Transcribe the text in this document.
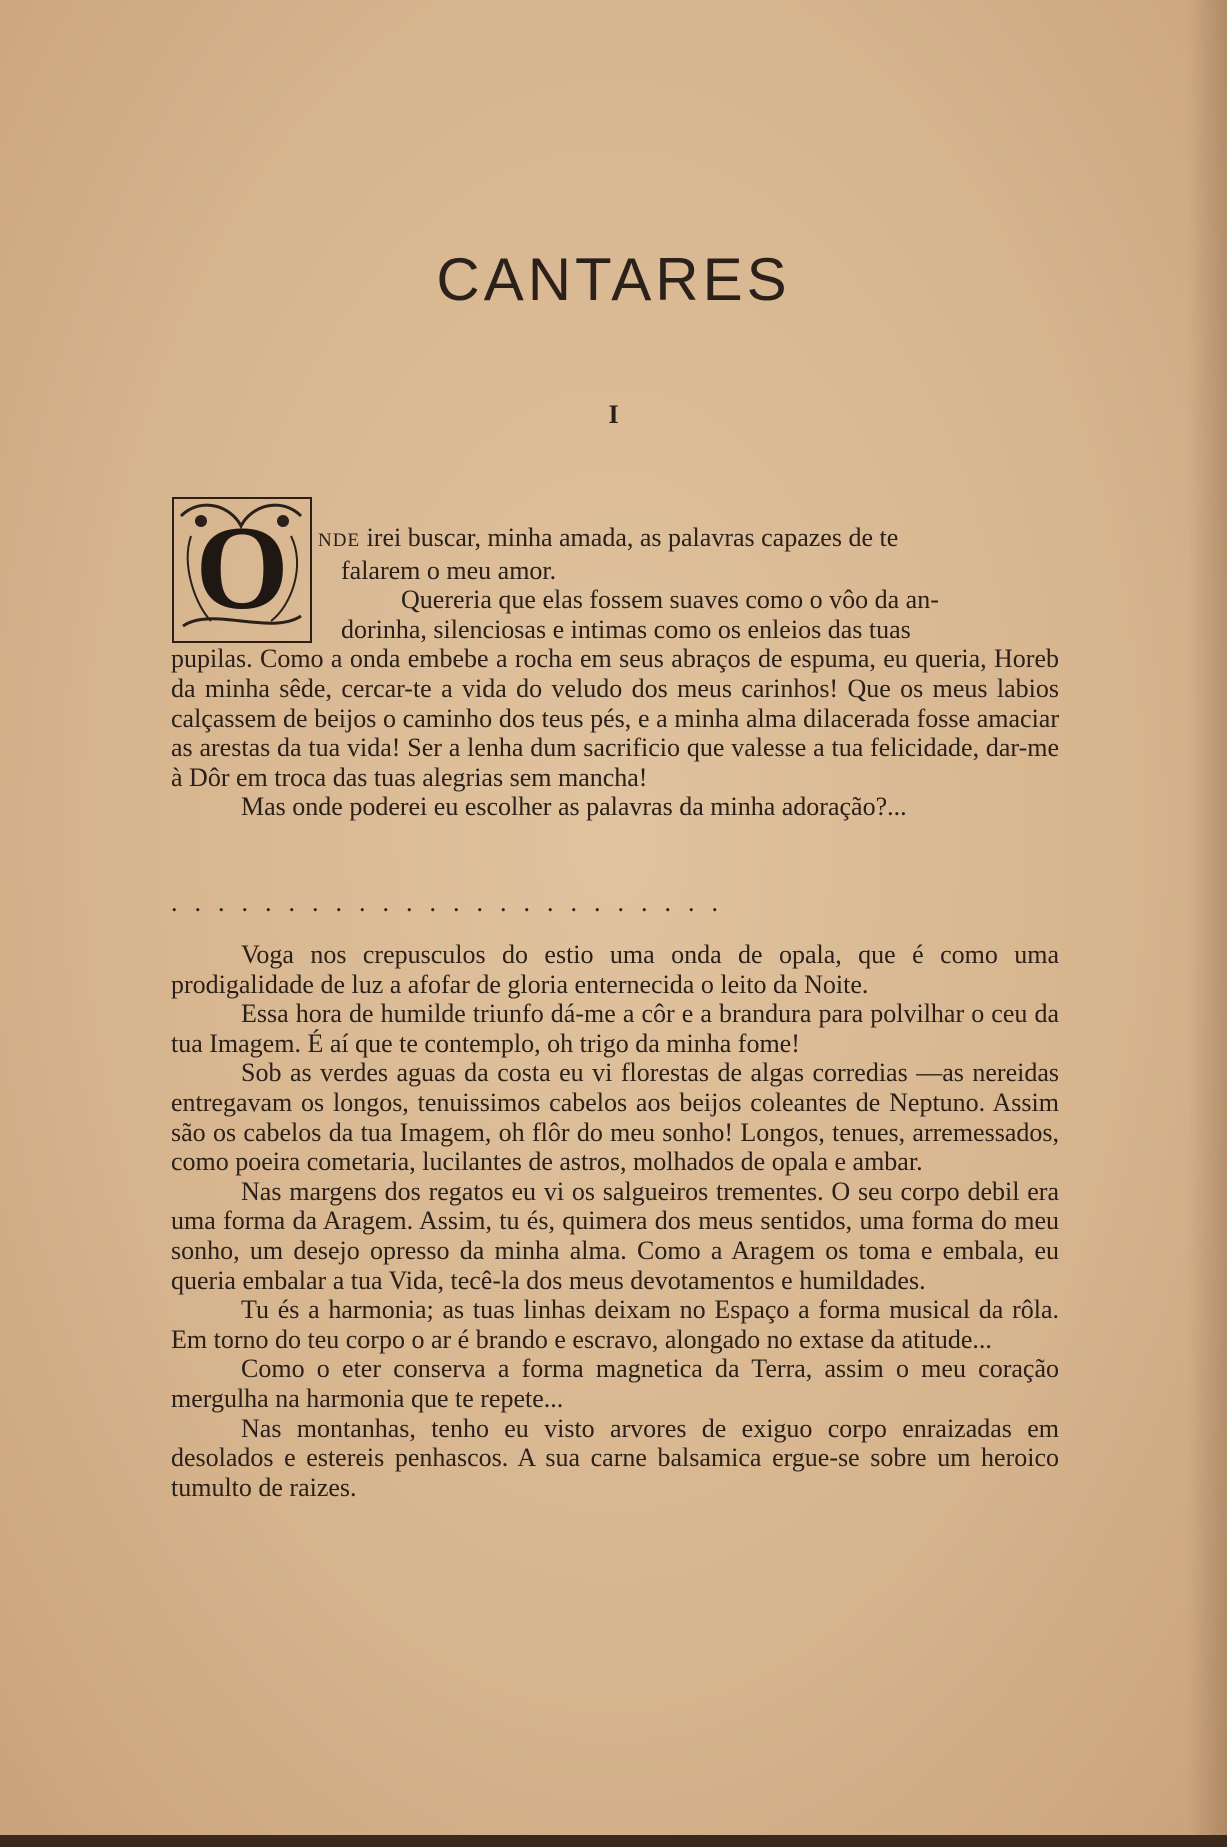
CANTARES
I
O NDE irei buscar, minha amada, as palavras capazes de te
falarem o meu amor.
Quereria que elas fossem suaves como o vôo da an-
dorinha, silenciosas e intimas como os enleios das tuas
pupilas. Como a onda embebe a rocha em seus abraços de espuma, eu queria, Horeb da minha sêde, cercar-te a vida do veludo dos meus carinhos! Que os meus labios calçassem de beijos o caminho dos teus pés, e a minha alma dilacerada fosse amaciar as arestas da tua vida! Ser a lenha dum sacrificio que valesse a tua felicidade, dar-me à Dôr em troca das tuas alegrias sem mancha!
Mas onde poderei eu escolher as palavras da minha adoração?...
........................

Voga nos crepusculos do estio uma onda de opala, que é como uma prodigalidade de luz a afofar de gloria enternecida o leito da Noite.

Essa hora de humilde triunfo dá-me a côr e a brandura para polvilhar o ceu da tua Imagem. É aí que te contemplo, oh trigo da minha fome!

Sob as verdes aguas da costa eu vi florestas de algas corredias —as nereidas entregavam os longos, tenuissimos cabelos aos beijos coleantes de Neptuno. Assim são os cabelos da tua Imagem, oh flôr do meu sonho! Longos, tenues, arremessados, como poeira cometaria, lucilantes de astros, molhados de opala e ambar.

Nas margens dos regatos eu vi os salgueiros trementes. O seu corpo debil era uma forma da Aragem. Assim, tu és, quimera dos meus sentidos, uma forma do meu sonho, um desejo opresso da minha alma. Como a Aragem os toma e embala, eu queria embalar a tua Vida, tecê-la dos meus devotamentos e humildades.

Tu és a harmonia; as tuas linhas deixam no Espaço a forma musical da rôla. Em torno do teu corpo o ar é brando e escravo, alongado no extase da atitude...

Como o eter conserva a forma magnetica da Terra, assim o meu coração mergulha na harmonia que te repete...

Nas montanhas, tenho eu visto arvores de exiguo corpo enraizadas em desolados e estereis penhascos. A sua carne balsamica ergue-se sobre um heroico tumulto de raizes.
